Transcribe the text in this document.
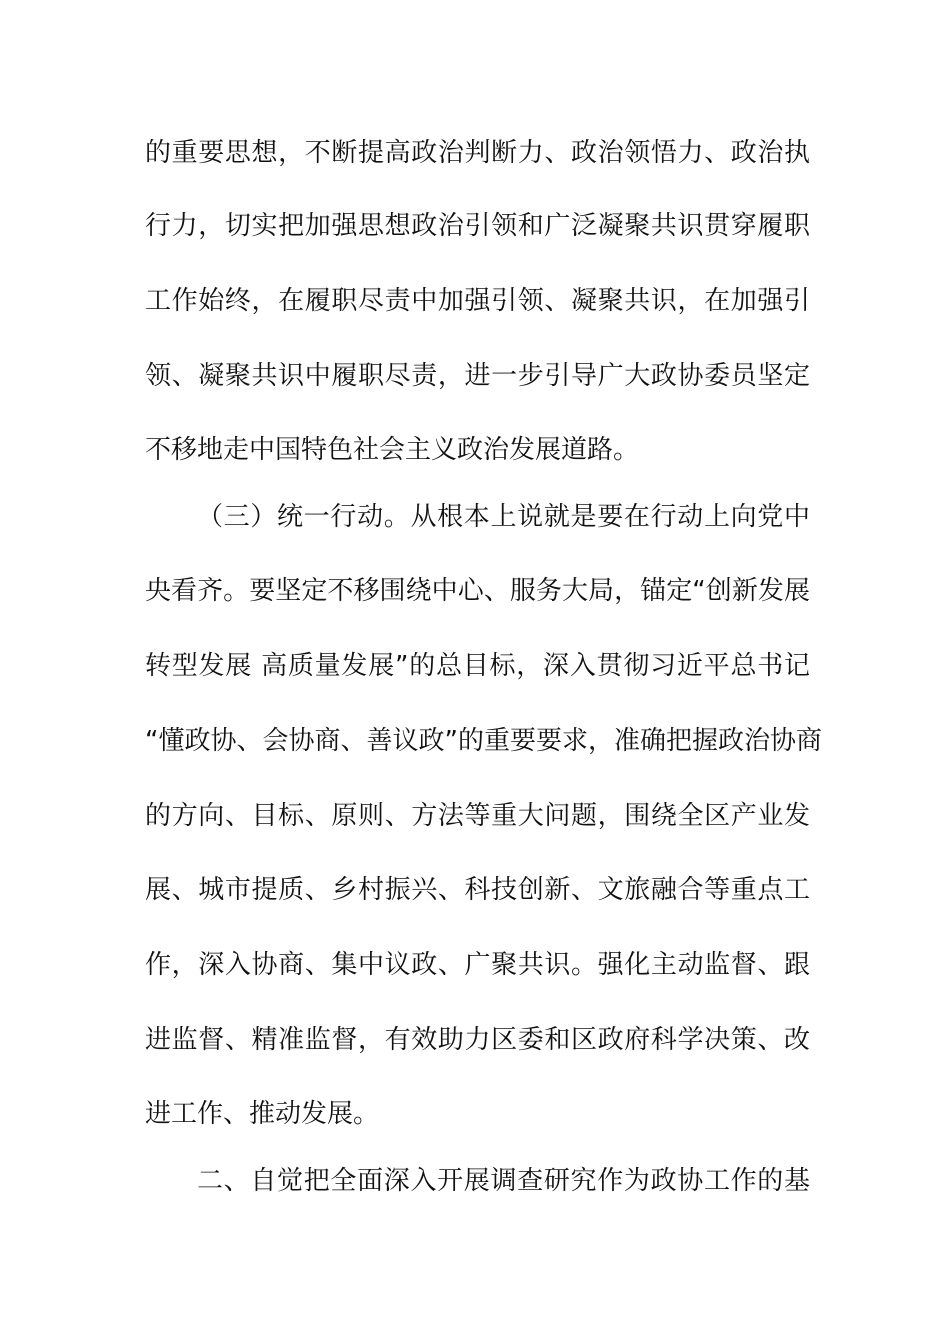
的重要思想，不断提高政治判断力、政治领悟力、政治执
行力，切实把加强思想政治引领和广泛凝聚共识贯穿履职
工作始终，在履职尽责中加强引领、凝聚共识，在加强引
领、凝聚共识中履职尽责，进一步引导广大政协委员坚定
不移地走中国特色社会主义政治发展道路。
（三）统一行动。从根本上说就是要在行动上向党中
央看齐。要坚定不移围绕中心、服务大局，锚定“创新发展
转型发展 高质量发展”的总目标，深入贯彻习近平总书记
“懂政协、会协商、善议政”的重要要求，准确把握政治协商
的方向、目标、原则、方法等重大问题，围绕全区产业发
展、城市提质、乡村振兴、科技创新、文旅融合等重点工
作，深入协商、集中议政、广聚共识。强化主动监督、跟
进监督、精准监督，有效助力区委和区政府科学决策、改
进工作、推动发展。
二、自觉把全面深入开展调查研究作为政协工作的基
